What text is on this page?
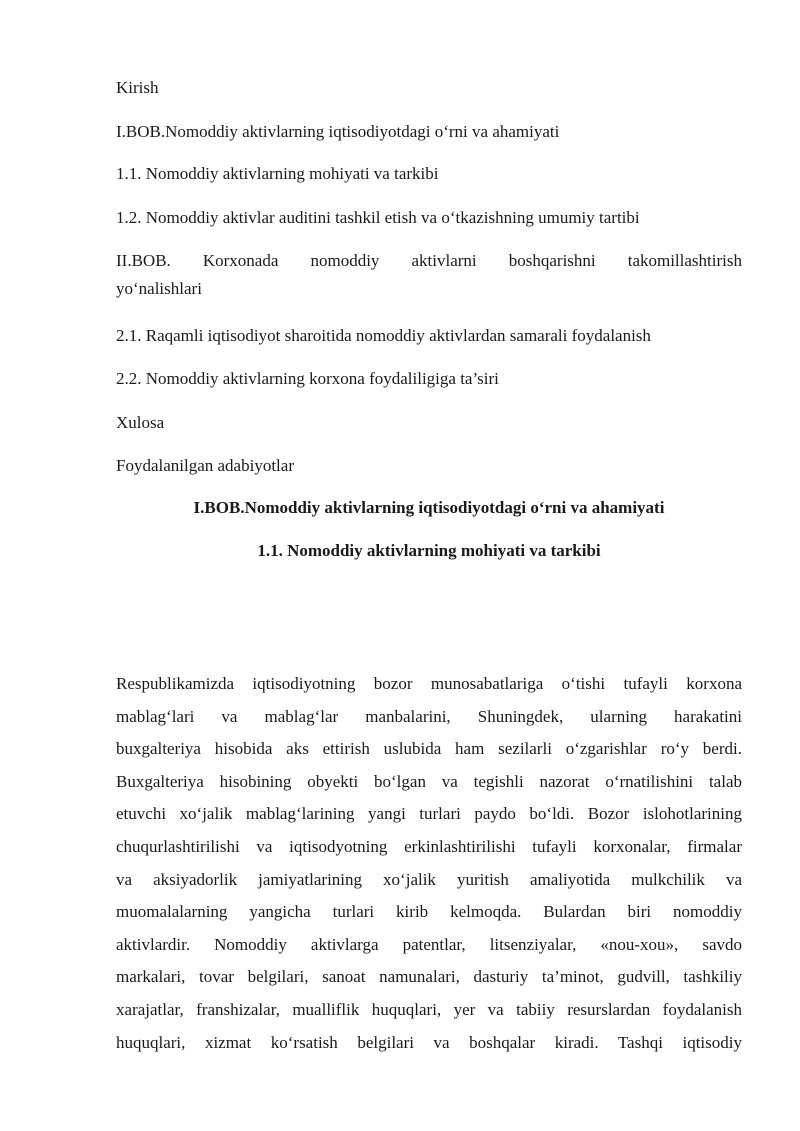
Kirish

I.BOB.Nomoddiy aktivlarning iqtisodiyotdagi o‘rni va ahamiyati

1.1. Nomoddiy aktivlarning mohiyati va tarkibi

1.2. Nomoddiy aktivlar auditini tashkil etish va o‘tkazishning umumiy tartibi

II.BOB. Korxonada nomoddiy aktivlarni boshqarishni takomillashtirish
yo‘nalishlari

2.1. Raqamli iqtisodiyot sharoitida nomoddiy aktivlardan samarali foydalanish

2.2. Nomoddiy aktivlarning korxona foydaliligiga ta’siri

Xulosa

Foydalanilgan adabiyotlar

I.BOB.Nomoddiy aktivlarning iqtisodiyotdagi o‘rni va ahamiyati
1.1. Nomoddiy aktivlarning mohiyati va tarkibi
Respublikamizda iqtisodiyotning bozor munosabatlariga o‘tishi tufayli korxona
mablag‘lari va mablag‘lar manbalarini, Shuningdek, ularning harakatini
buxgalteriya hisobida aks ettirish uslubida ham sezilarli o‘zgarishlar ro‘y berdi.
Buxgalteriya hisobining obyekti bo‘lgan va tegishli nazorat o‘rnatilishini talab
etuvchi xo‘jalik mablag‘larining yangi turlari paydo bo‘ldi. Bozor islohotlarining
chuqurlashtirilishi va iqtisodyotning erkinlashtirilishi tufayli korxonalar, firmalar
va aksiyadorlik jamiyatlarining xo‘jalik yuritish amaliyotida mulkchilik va
muomalalarning yangicha turlari kirib kelmoqda. Bulardan biri nomoddiy
aktivlardir. Nomoddiy aktivlarga patentlar, litsenziyalar, «nou-xou», savdo
markalari, tovar belgilari, sanoat namunalari, dasturiy ta’minot, gudvill, tashkiliy
xarajatlar, franshizalar, mualliflik huquqlari, yer va tabiiy resurslardan foydalanish
huquqlari, xizmat ko‘rsatish belgilari va boshqalar kiradi. Tashqi iqtisodiy
